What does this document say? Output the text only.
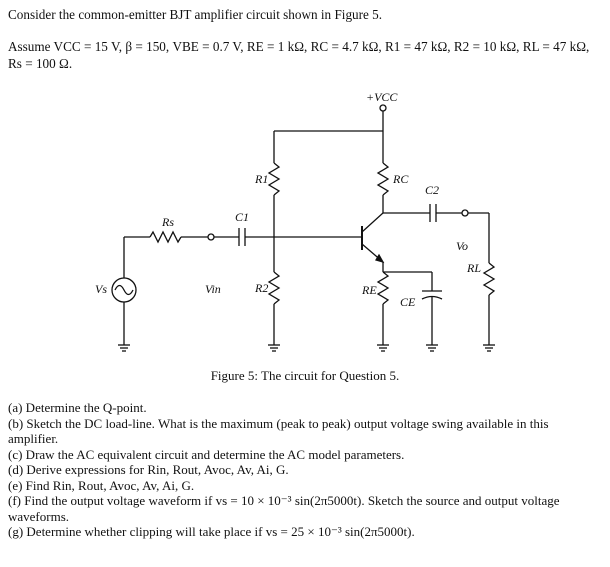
Consider the common-emitter BJT amplifier circuit shown in Figure 5.
Assume VCC = 15 V, β = 150, VBE = 0.7 V, RE = 1 kΩ, RC = 4.7 kΩ, R1 = 47 kΩ, R2 = 10 kΩ, RL = 47 kΩ, Rs = 100 Ω.
+VCC
R1
R2
RC
RE
Rs
RL
C1
C2
CE
Vs	Vin
Vo
Figure 5: The circuit for Question 5.
(a) Determine the Q-point.
(b) Sketch the DC load-line. What is the maximum (peak to peak) output voltage swing available in this amplifier.
(c) Draw the AC equivalent circuit and determine the AC model parameters.
(d) Derive expressions for Rin, Rout, Avoc, Av, Ai, G.
(e) Find Rin, Rout, Avoc, Av, Ai, G.
(f) Find the output voltage waveform if vs = 10 × 10⁻³ sin(2π5000t). Sketch the source and output voltage waveforms.
(g) Determine whether clipping will take place if vs = 25 × 10⁻³ sin(2π5000t).
